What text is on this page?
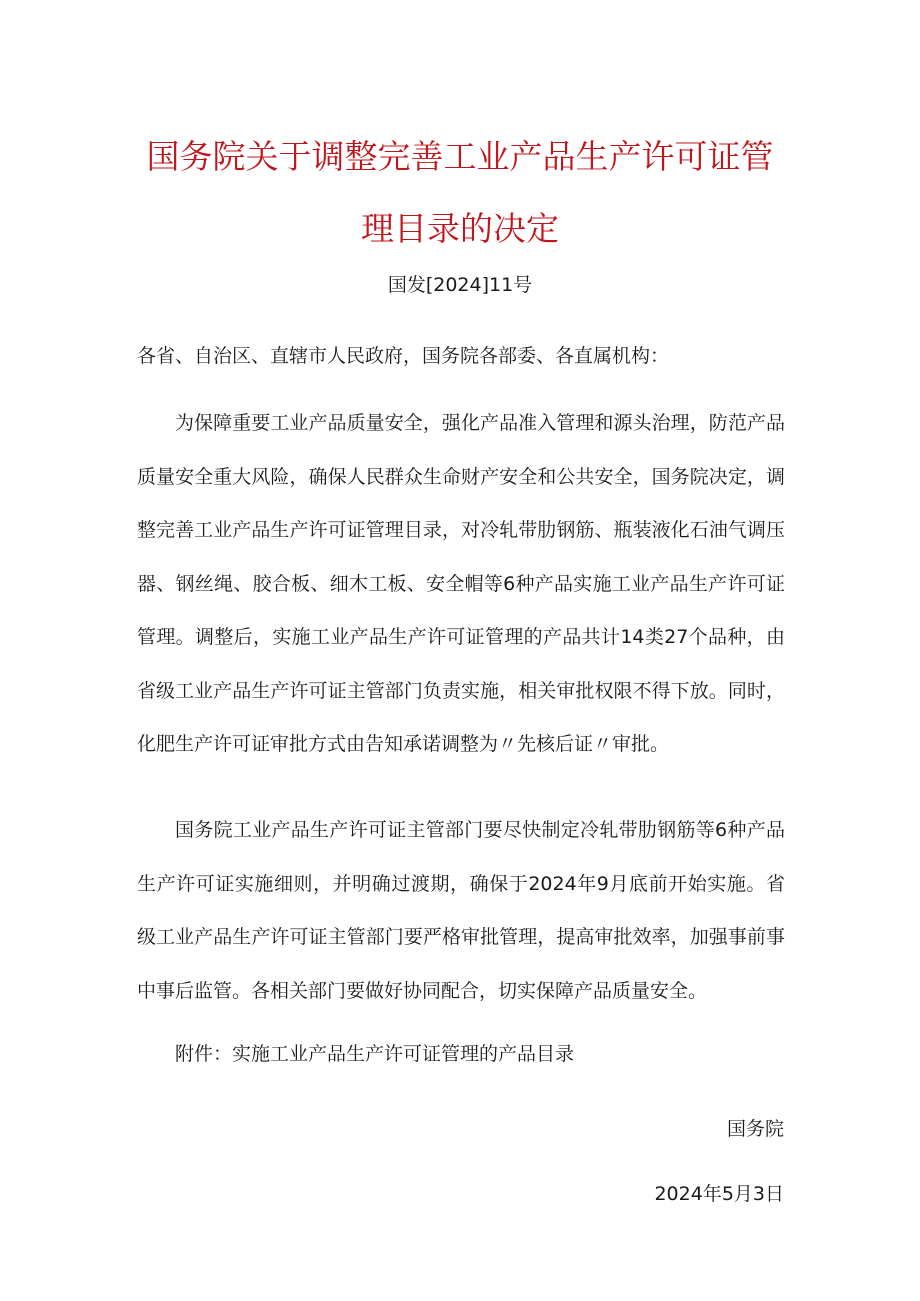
国务院关于调整完善工业产品生产许可证管
理目录的决定
国发[2024]11号
各省、自治区、直辖市人民政府，国务院各部委、各直属机构：

为保障重要工业产品质量安全，强化产品准入管理和源头治理，防范产品质量安全重大风险，确保人民群众生命财产安全和公共安全，国务院决定，调整完善工业产品生产许可证管理目录，对冷轧带肋钢筋、瓶装液化石油气调压器、钢丝绳、胶合板、细木工板、安全帽等6种产品实施工业产品生产许可证管理。调整后，实施工业产品生产许可证管理的产品共计14类27个品种，由省级工业产品生产许可证主管部门负责实施，相关审批权限不得下放。同时，化肥生产许可证审批方式由告知承诺调整为〃先核后证〃审批。

国务院工业产品生产许可证主管部门要尽快制定冷轧带肋钢筋等6种产品生产许可证实施细则，并明确过渡期，确保于2024年9月底前开始实施。省级工业产品生产许可证主管部门要严格审批管理，提高审批效率，加强事前事中事后监管。各相关部门要做好协同配合，切实保障产品质量安全。

附件：实施工业产品生产许可证管理的产品目录
国务院
2024年5月3日
